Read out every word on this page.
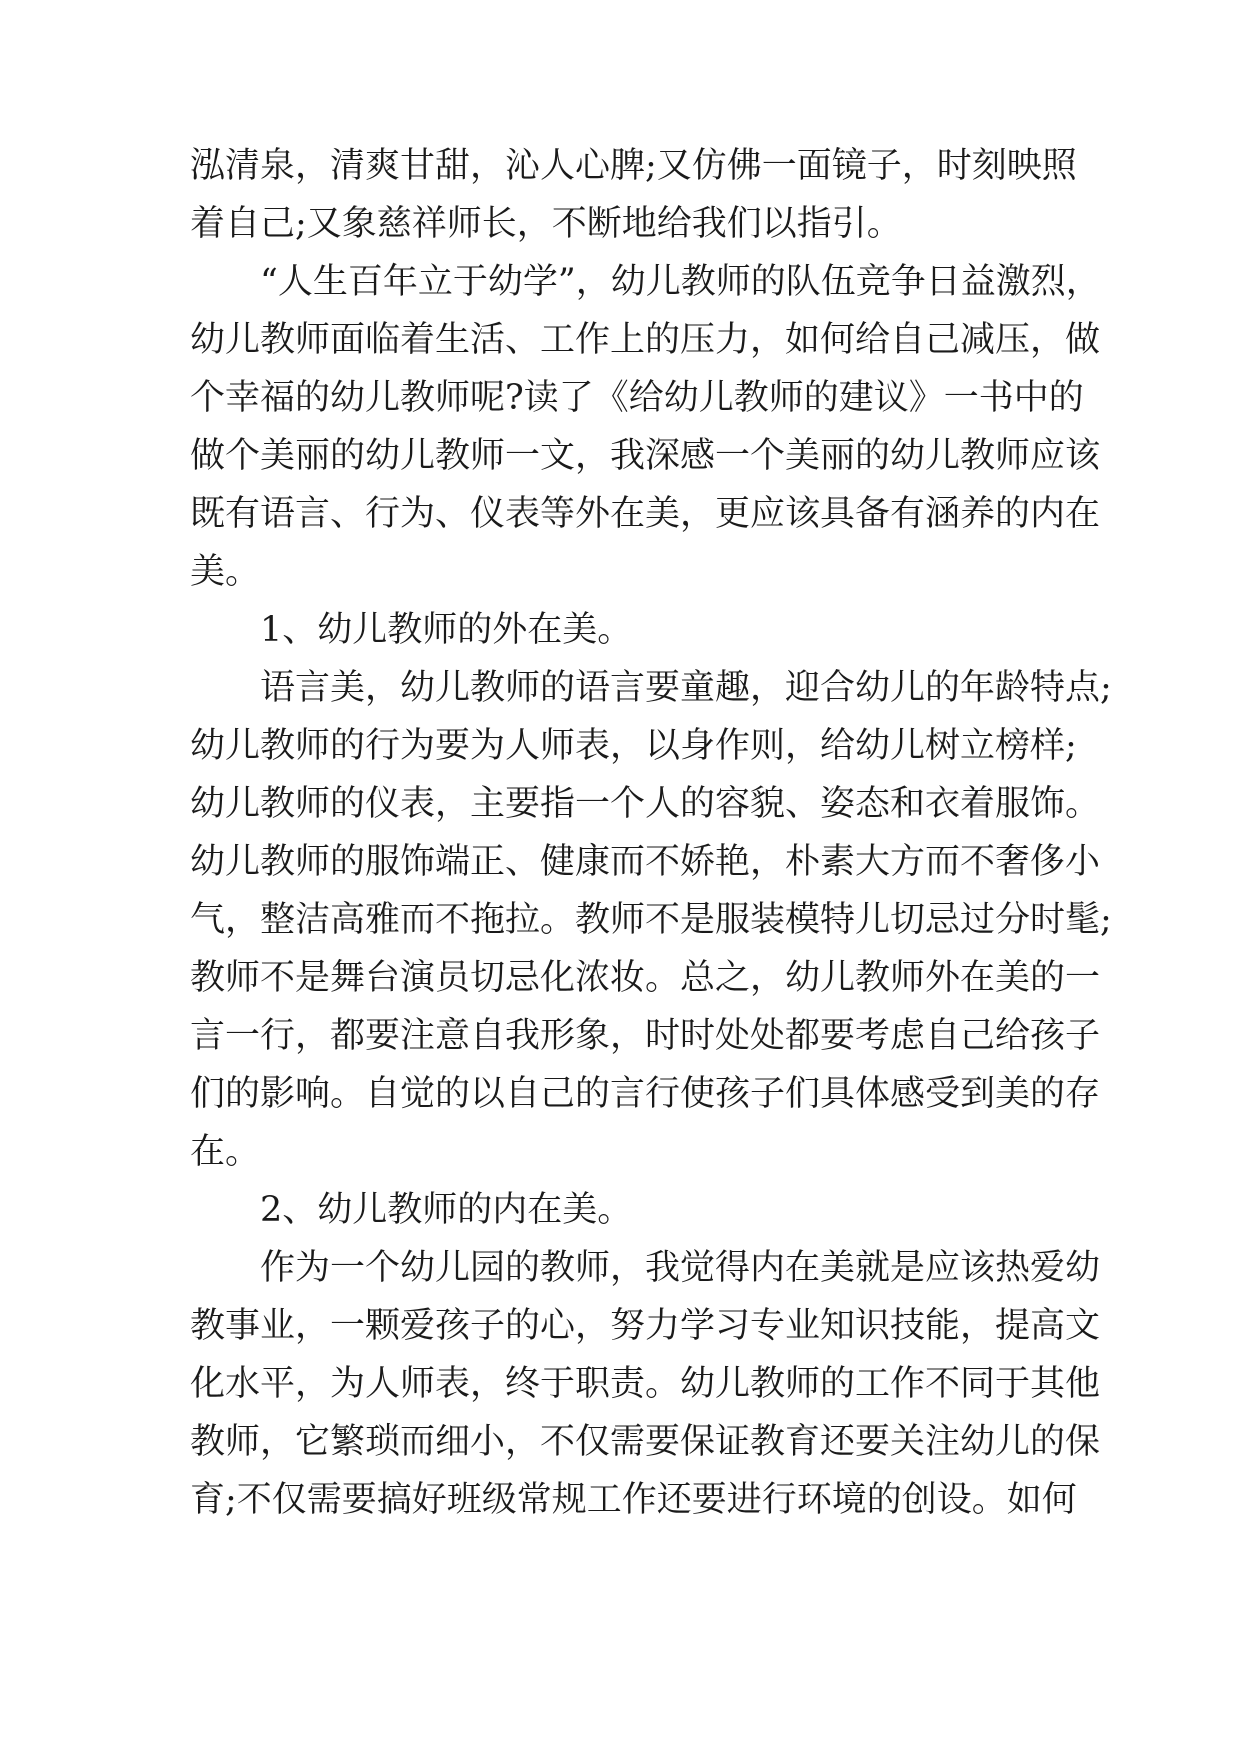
泓清泉，清爽甘甜，沁人心脾;又仿佛一面镜子，时刻映照
着自己;又象慈祥师长，不断地给我们以指引。
“人生百年立于幼学”，幼儿教师的队伍竞争日益激烈，
幼儿教师面临着生活、工作上的压力，如何给自己减压，做
个幸福的幼儿教师呢?读了《给幼儿教师的建议》一书中的
做个美丽的幼儿教师一文，我深感一个美丽的幼儿教师应该
既有语言、行为、仪表等外在美，更应该具备有涵养的内在
美。
1、幼儿教师的外在美。
语言美，幼儿教师的语言要童趣，迎合幼儿的年龄特点;
幼儿教师的行为要为人师表，以身作则，给幼儿树立榜样;
幼儿教师的仪表，主要指一个人的容貌、姿态和衣着服饰。
幼儿教师的服饰端正、健康而不娇艳，朴素大方而不奢侈小
气，整洁高雅而不拖拉。教师不是服装模特儿切忌过分时髦;
教师不是舞台演员切忌化浓妆。总之，幼儿教师外在美的一
言一行，都要注意自我形象，时时处处都要考虑自己给孩子
们的影响。自觉的以自己的言行使孩子们具体感受到美的存
在。
2、幼儿教师的内在美。
作为一个幼儿园的教师，我觉得内在美就是应该热爱幼
教事业，一颗爱孩子的心，努力学习专业知识技能，提高文
化水平，为人师表，终于职责。幼儿教师的工作不同于其他
教师，它繁琐而细小，不仅需要保证教育还要关注幼儿的保
育;不仅需要搞好班级常规工作还要进行环境的创设。如何
